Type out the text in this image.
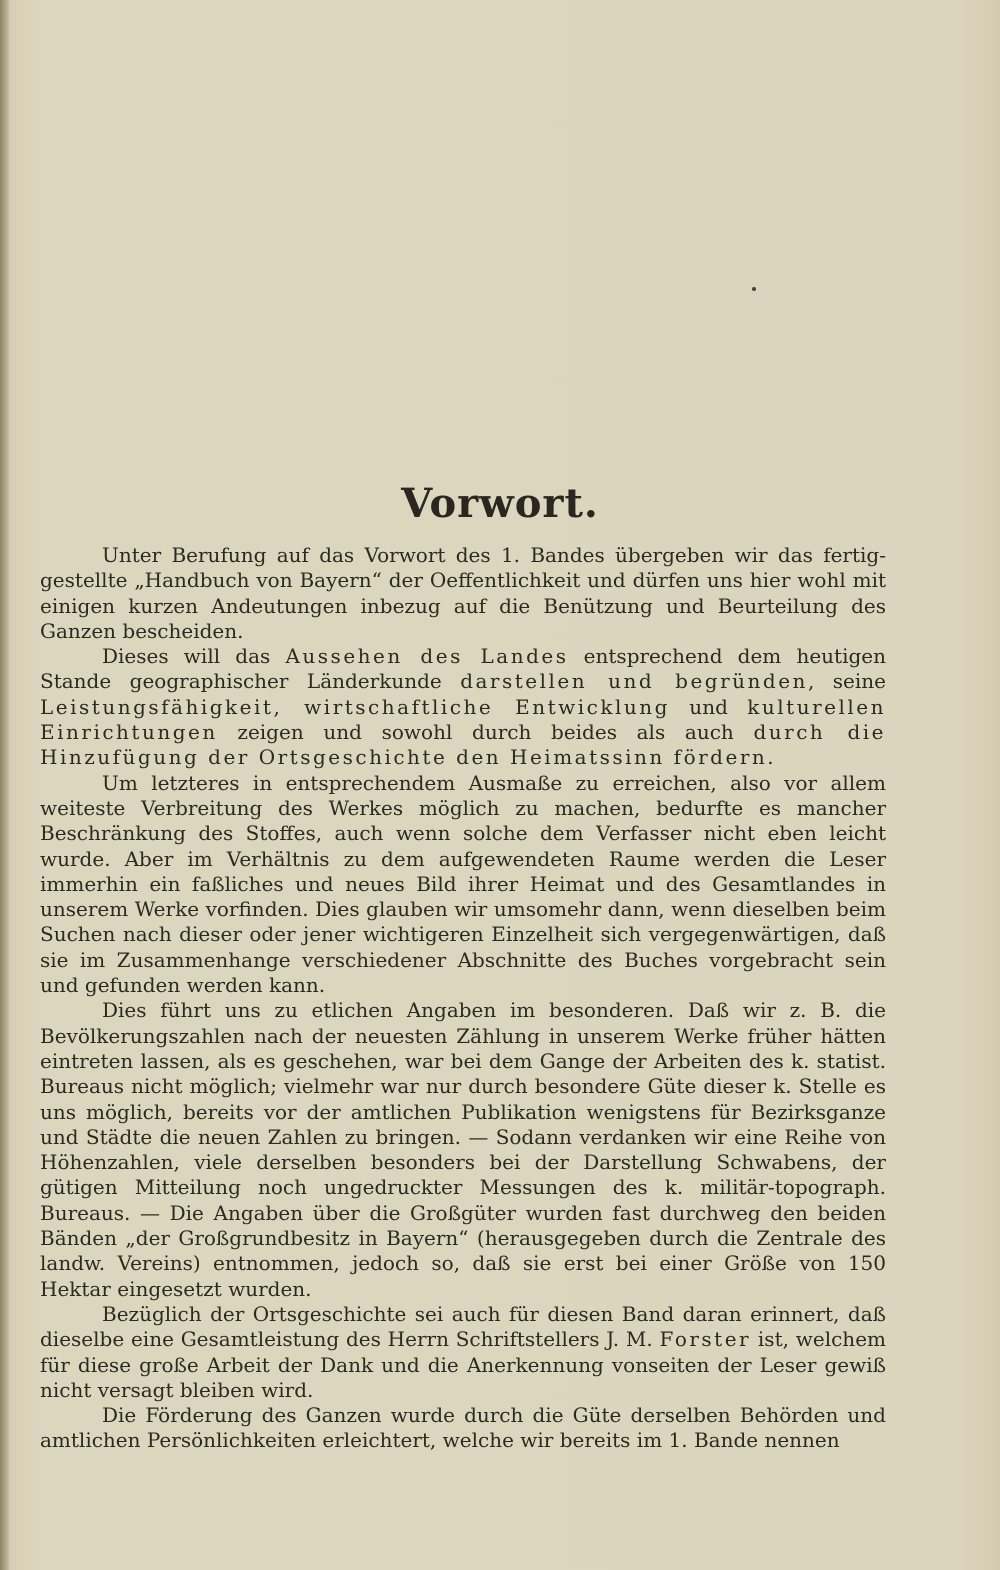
Vorwort.

Unter Berufung auf das Vorwort des 1. Bandes übergeben wir das fertig-gestellte „Handbuch von Bayern“ der Oeffentlichkeit und dürfen uns hier wohl mit einigen kurzen Andeutungen inbezug auf die Benützung und Beurteilung des Ganzen bescheiden.

Dieses will das Aussehen des Landes entsprechend dem heutigen Stande geographischer Länderkunde darstellen und begründen, seine Leistungsfähigkeit, wirtschaftliche Entwicklung und kulturellen Einrichtungen zeigen und sowohl durch beides als auch durch die Hinzufügung der Ortsgeschichte den Heimatssinn fördern.

Um letzteres in entsprechendem Ausmaße zu erreichen, also vor allem weiteste Verbreitung des Werkes möglich zu machen, bedurfte es mancher Beschränkung des Stoffes, auch wenn solche dem Verfasser nicht eben leicht wurde. Aber im Verhältnis zu dem aufgewendeten Raume werden die Leser immerhin ein faßliches und neues Bild ihrer Heimat und des Gesamtlandes in unserem Werke vorfinden. Dies glauben wir umsomehr dann, wenn dieselben beim Suchen nach dieser oder jener wichtigeren Einzelheit sich vergegenwärtigen, daß sie im Zusammenhange verschiedener Abschnitte des Buches vorgebracht sein und gefunden werden kann.

Dies führt uns zu etlichen Angaben im besonderen. Daß wir z. B. die Bevölkerungszahlen nach der neuesten Zählung in unserem Werke früher hätten eintreten lassen, als es geschehen, war bei dem Gange der Arbeiten des k. statist. Bureaus nicht möglich; vielmehr war nur durch besondere Güte dieser k. Stelle es uns möglich, bereits vor der amtlichen Publikation wenigstens für Bezirksganze und Städte die neuen Zahlen zu bringen. — Sodann verdanken wir eine Reihe von Höhenzahlen, viele derselben besonders bei der Darstellung Schwabens, der gütigen Mitteilung noch ungedruckter Messungen des k. militär-topograph. Bureaus. — Die Angaben über die Großgüter wurden fast durchweg den beiden Bänden „der Großgrundbesitz in Bayern“ (herausgegeben durch die Zentrale des landw. Vereins) entnommen, jedoch so, daß sie erst bei einer Größe von 150 Hektar eingesetzt wurden.

Bezüglich der Ortsgeschichte sei auch für diesen Band daran erinnert, daß dieselbe eine Gesamtleistung des Herrn Schriftstellers J. M. Forster ist, welchem für diese große Arbeit der Dank und die Anerkennung vonseiten der Leser gewiß nicht versagt bleiben wird.

Die Förderung des Ganzen wurde durch die Güte derselben Behörden und amtlichen Persönlichkeiten erleichtert, welche wir bereits im 1. Bande nennen
